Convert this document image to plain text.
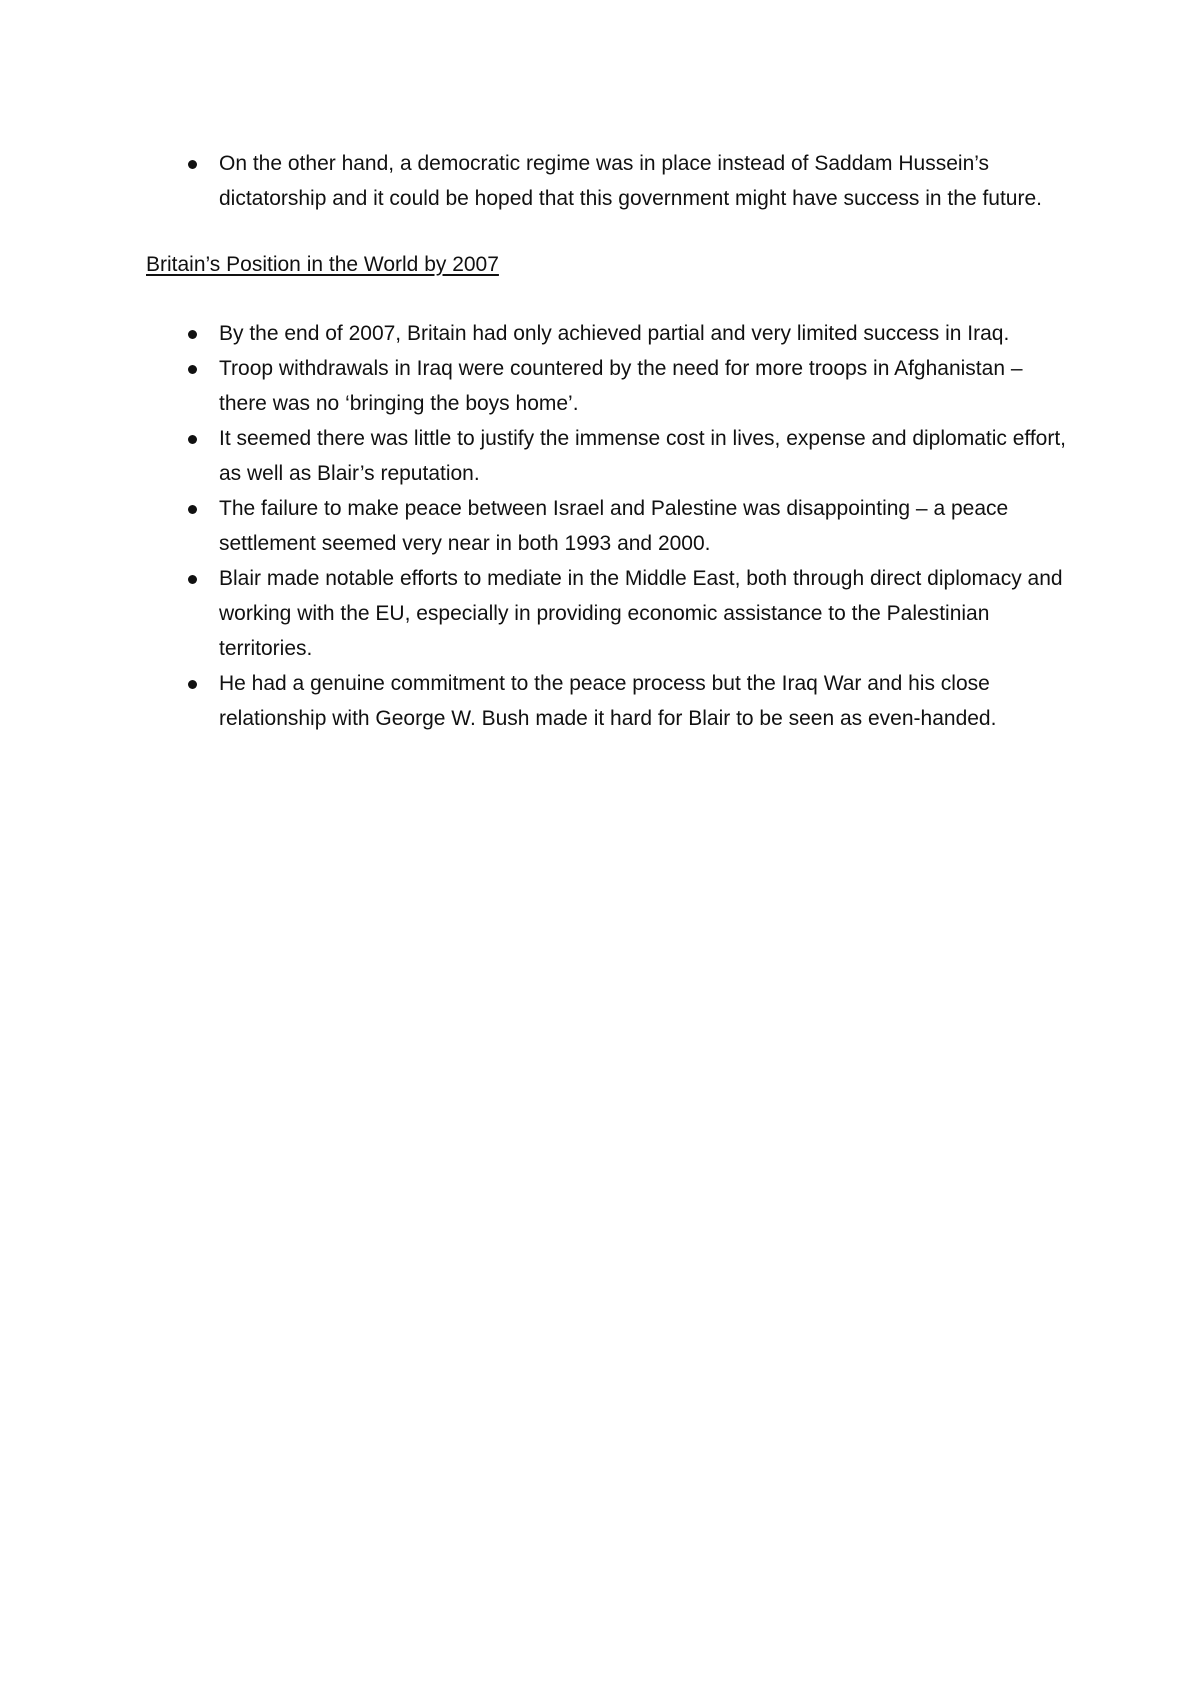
On the other hand, a democratic regime was in place instead of Saddam Hussein’s dictatorship and it could be hoped that this government might have success in the future.
Britain’s Position in the World by 2007
By the end of 2007, Britain had only achieved partial and very limited success in Iraq.
Troop withdrawals in Iraq were countered by the need for more troops in Afghanistan – there was no ‘bringing the boys home’.
It seemed there was little to justify the immense cost in lives, expense and diplomatic effort, as well as Blair’s reputation.
The failure to make peace between Israel and Palestine was disappointing – a peace settlement seemed very near in both 1993 and 2000.
Blair made notable efforts to mediate in the Middle East, both through direct diplomacy and working with the EU, especially in providing economic assistance to the Palestinian territories.
He had a genuine commitment to the peace process but the Iraq War and his close relationship with George W. Bush made it hard for Blair to be seen as even-handed.
